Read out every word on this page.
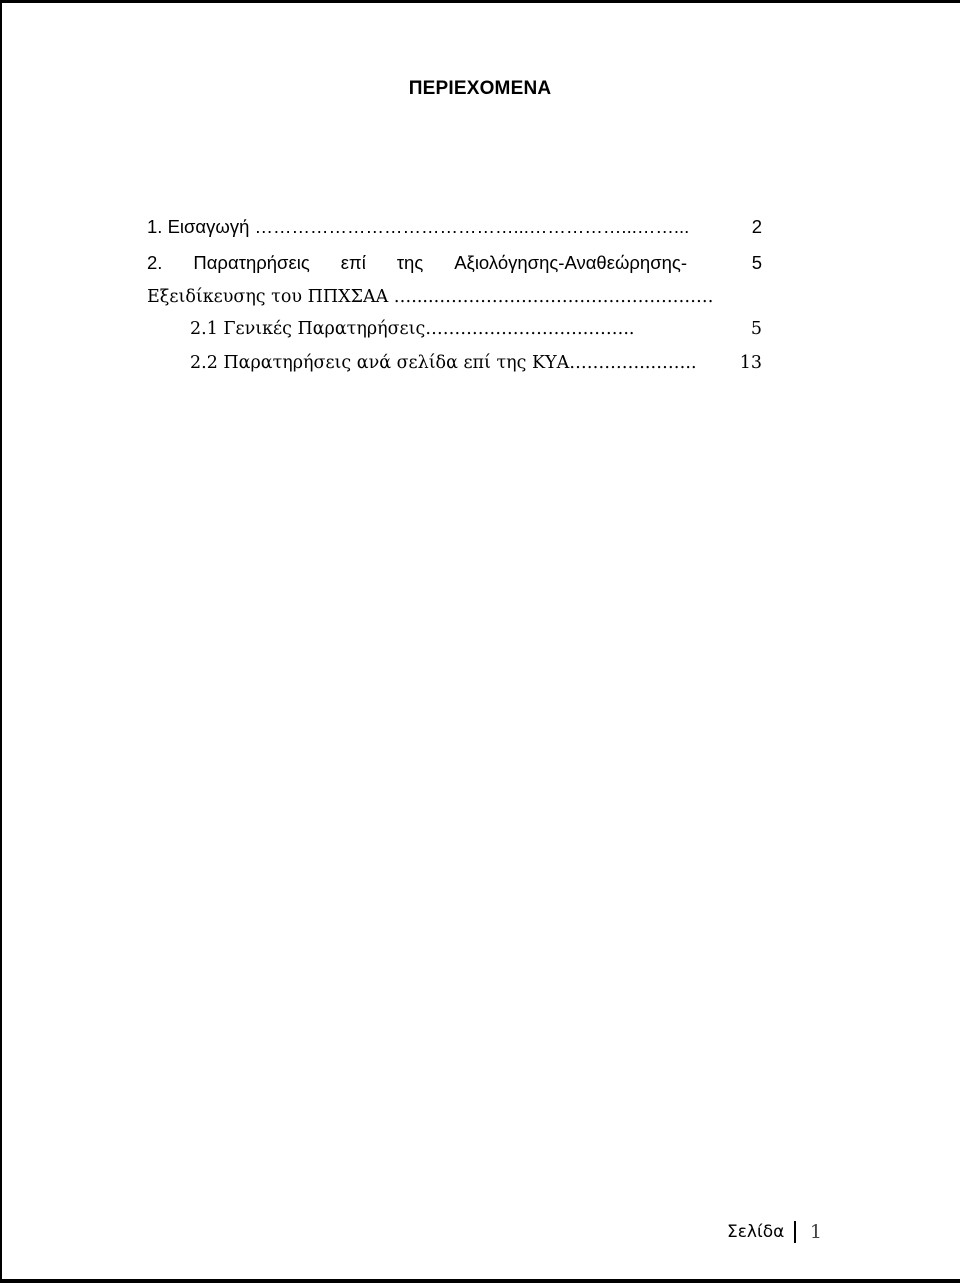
ΠΕΡΙΕΧΟΜΕΝΑ
1. Εισαγωγή ……………………………………...……………...……...	2
2. Παρατηρήσεις επί της Αξιολόγησης-Αναθεώρησης-	5
Εξειδίκευσης του ΠΠΧΣΑΑ …....…………………………………………
2.1 Γενικές Παρατηρήσεις……………………….……..	5
2.2 Παρατηρήσεις ανά σελίδα επί της ΚΥΑ…………..……..	13
Σελίδα 1
